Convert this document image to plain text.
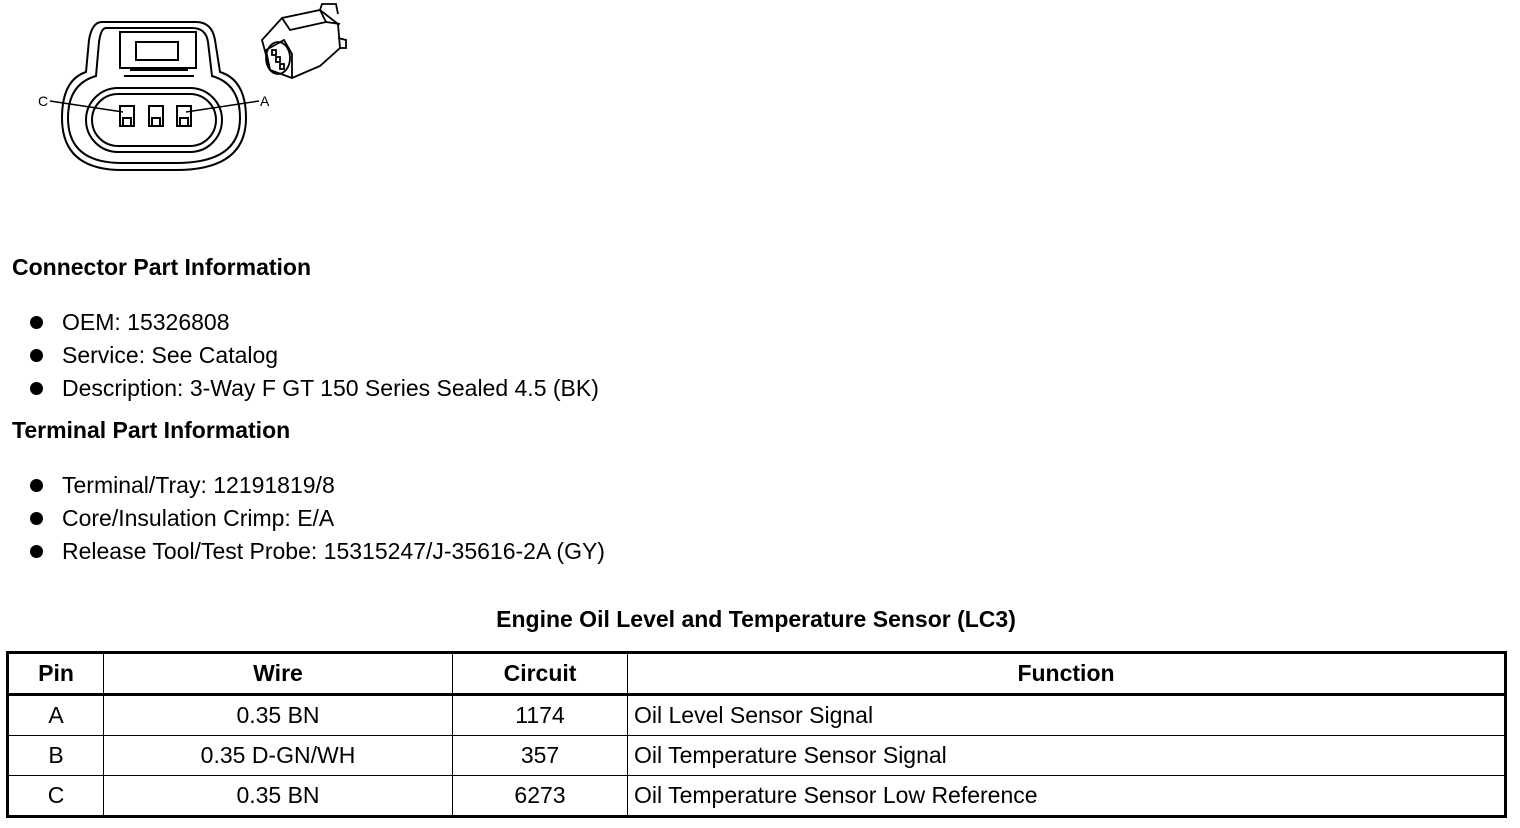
C	A
Connector Part Information
OEM: 15326808
Service: See Catalog
Description: 3-Way F GT 150 Series Sealed 4.5 (BK)
Terminal Part Information
Terminal/Tray: 12191819/8
Core/Insulation Crimp: E/A
Release Tool/Test Probe: 15315247/J-35616-2A (GY)
Engine Oil Level and Temperature Sensor (LC3)
Pin	Wire	Circuit	Function
A	0.35 BN	1174	Oil Level Sensor Signal
B	0.35 D-GN/WH	357	Oil Temperature Sensor Signal
C	0.35 BN	6273	Oil Temperature Sensor Low Reference
